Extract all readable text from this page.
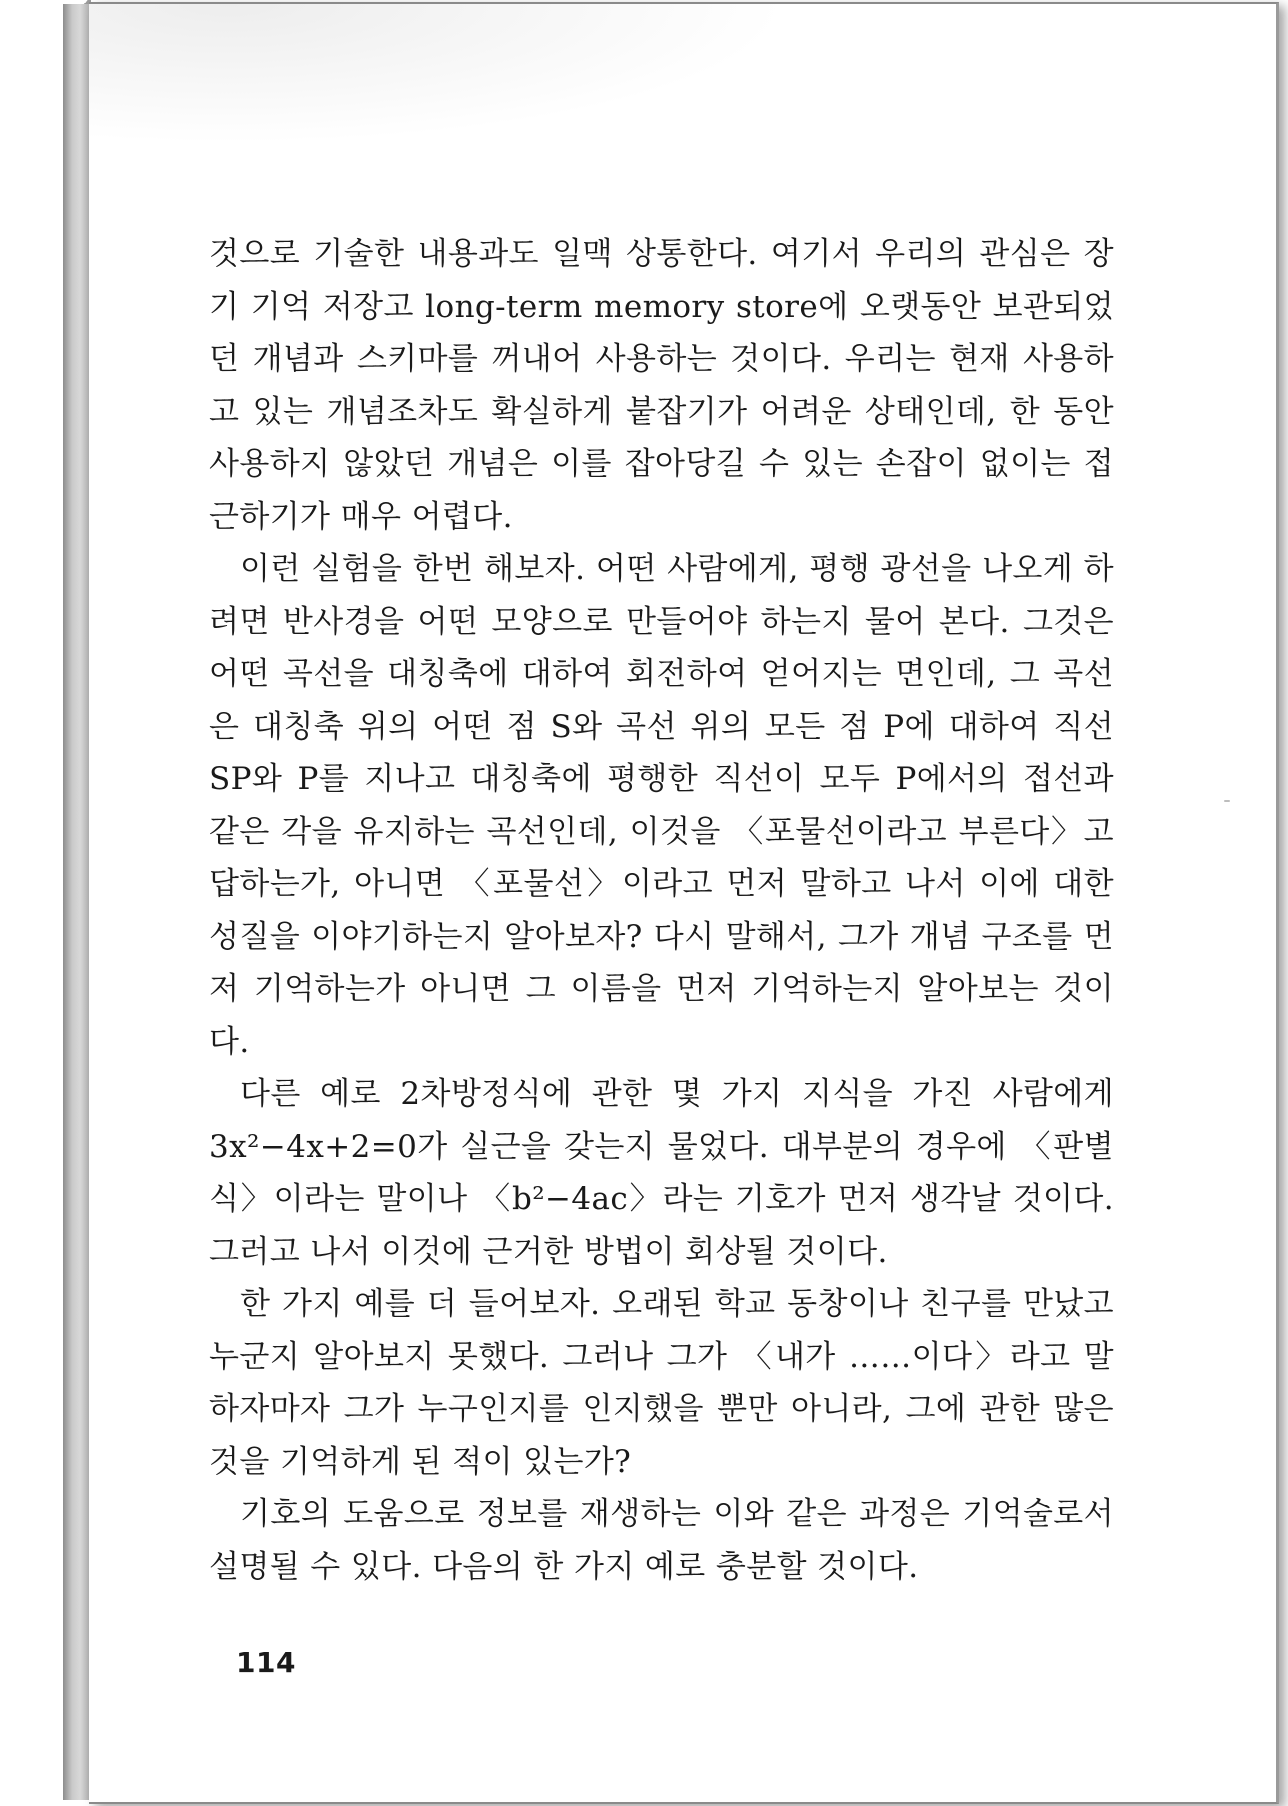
것으로 기술한 내용과도 일맥 상통한다. 여기서 우리의 관심은 장기 기억 저장고 long-term memory store에 오랫동안 보관되었던 개념과 스키마를 꺼내어 사용하는 것이다. 우리는 현재 사용하고 있는 개념조차도 확실하게 붙잡기가 어려운 상태인데, 한 동안 사용하지 않았던 개념은 이를 잡아당길 수 있는 손잡이 없이는 접근하기가 매우 어렵다.

이런 실험을 한번 해보자. 어떤 사람에게, 평행 광선을 나오게 하려면 반사경을 어떤 모양으로 만들어야 하는지 물어 본다. 그것은 어떤 곡선을 대칭축에 대하여 회전하여 얻어지는 면인데, 그 곡선은 대칭축 위의 어떤 점 S와 곡선 위의 모든 점 P에 대하여 직선 SP와 P를 지나고 대칭축에 평행한 직선이 모두 P에서의 접선과 같은 각을 유지하는 곡선인데, 이것을 〈포물선이라고 부른다〉고 답하는가, 아니면 〈포물선〉이라고 먼저 말하고 나서 이에 대한 성질을 이야기하는지 알아보자? 다시 말해서, 그가 개념 구조를 먼저 기억하는가 아니면 그 이름을 먼저 기억하는지 알아보는 것이다.

다른 예로 2차방정식에 관한 몇 가지 지식을 가진 사람에게 3x²−4x+2=0가 실근을 갖는지 물었다. 대부분의 경우에 〈판별식〉이라는 말이나 〈b²−4ac〉라는 기호가 먼저 생각날 것이다. 그러고 나서 이것에 근거한 방법이 회상될 것이다.

한 가지 예를 더 들어보자. 오래된 학교 동창이나 친구를 만났고 누군지 알아보지 못했다. 그러나 그가 〈내가 ……이다〉라고 말하자마자 그가 누구인지를 인지했을 뿐만 아니라, 그에 관한 많은 것을 기억하게 된 적이 있는가?

기호의 도움으로 정보를 재생하는 이와 같은 과정은 기억술로서 설명될 수 있다. 다음의 한 가지 예로 충분할 것이다.

114
